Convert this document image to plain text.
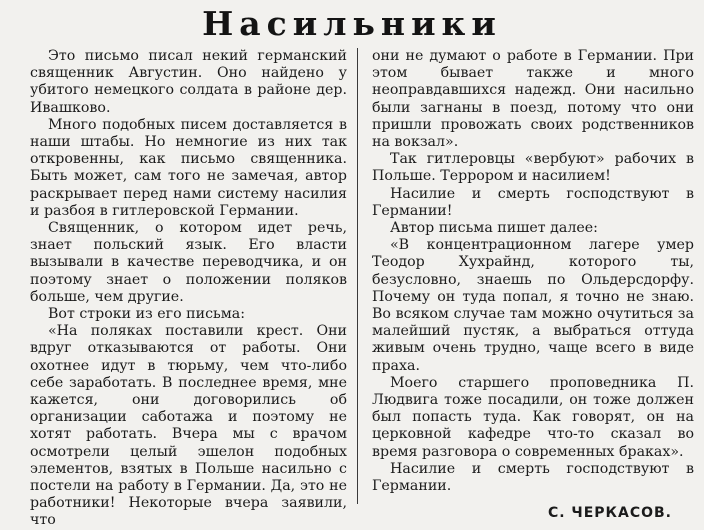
Насильники

Это письмо писал некий германский священник Августин. Оно найдено у убитого немецкого солдата в районе дер. Ивашково.

Много подобных писем доставляется в наши штабы. Но немногие из них так откровенны, как письмо священника. Быть может, сам того не замечая, автор раскрывает перед нами систему насилия и разбоя в гитлеровской Германии.

Священник, о котором идет речь, знает польский язык. Его власти вызывали в качестве переводчика, и он поэтому знает о положении поляков больше, чем другие.

Вот строки из его письма:

«На поляках поставили крест. Они вдруг отказываются от работы. Они охотнее идут в тюрьму, чем что-либо себе заработать. В последнее время, мне кажется, они договорились об организации саботажа и поэтому не хотят работать. Вчера мы с врачом осмотрели целый эшелон подобных элементов, взятых в Польше насильно с постели на работу в Германии. Да, это не работники! Некоторые вчера заявили, что

они не думают о работе в Германии. При этом бывает также и много неоправдавшихся надежд. Они насильно были загнаны в поезд, потому что они пришли провожать своих родственников на вокзал».

Так гитлеровцы «вербуют» рабочих в Польше. Террором и насилием!

Насилие и смерть господствуют в Германии!

Автор письма пишет далее:

«В концентрационном лагере умер Теодор Хухрайнд, которого ты, безусловно, знаешь по Ольдерсдорфу. Почему он туда попал, я точно не знаю. Во всяком случае там можно очутиться за малейший пустяк, а выбраться оттуда живым очень трудно, чаще всего в виде праха.

Моего старшего проповедника П. Людвига тоже посадили, он тоже должен был попасть туда. Как говорят, он на церковной кафедре что-то сказал во время разговора о современных браках».

Насилие и смерть господствуют в Германии.

С. ЧЕРКАСОВ.
